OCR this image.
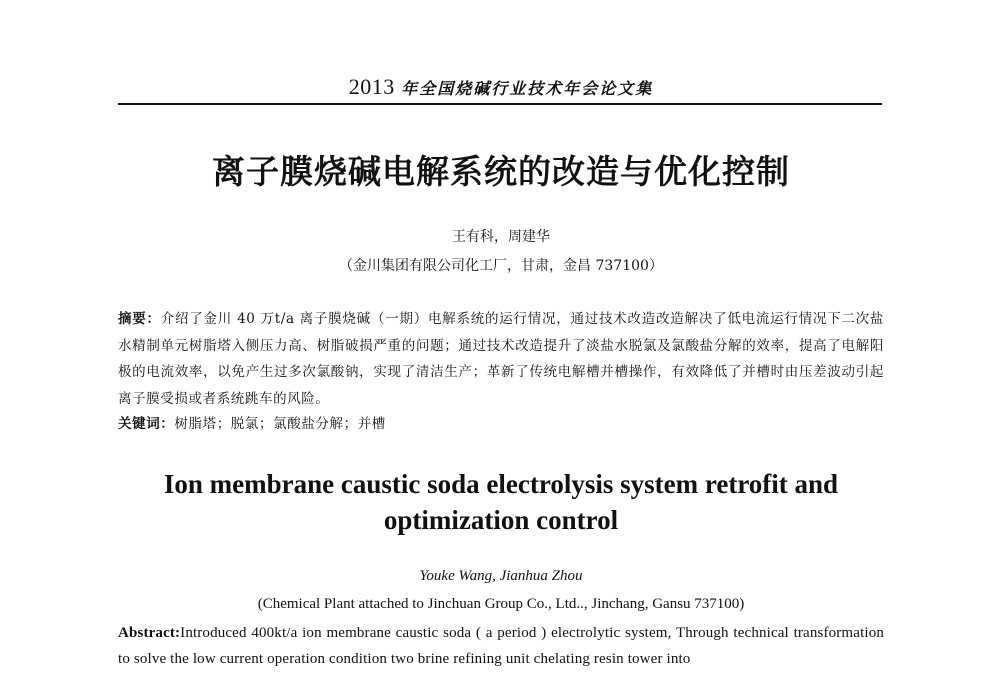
2013 年全国烧碱行业技术年会论文集
离子膜烧碱电解系统的改造与优化控制
王有科，周建华
（金川集团有限公司化工厂，甘肃，金昌 737100）
摘要：介绍了金川 40 万t/a 离子膜烧碱（一期）电解系统的运行情况，通过技术改造改造解决了低电流运行情况下二次盐水精制单元树脂塔入侧压力高、树脂破损严重的问题；通过技术改造提升了淡盐水脱氯及氯酸盐分解的效率，提高了电解阳极的电流效率，以免产生过多次氯酸钠，实现了清洁生产；革新了传统电解槽并槽操作，有效降低了并槽时由压差波动引起离子膜受损或者系统跳车的风险。
关键词：树脂塔；脱氯；氯酸盐分解；并槽
Ion membrane caustic soda electrolysis system retrofit and optimization control
Youke Wang, Jianhua Zhou
(Chemical Plant attached to Jinchuan Group Co., Ltd.., Jinchang, Gansu 737100)
Abstract:Introduced 400kt/a ion membrane caustic soda ( a period ) electrolytic system, Through technical transformation to solve the low current operation condition two brine refining unit chelating resin tower into
